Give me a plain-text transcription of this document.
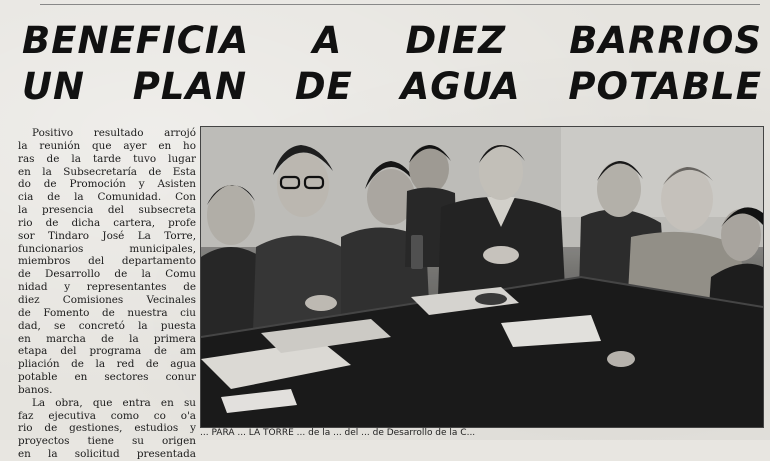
BENEFICIA A DIEZ BARRIOS
UN PLAN DE AGUA POTABLE
Positivo resultado arrojó
la reunión que ayer en ho
ras de la tarde tuvo lugar
en la Subsecretaría de Esta
do de Promoción y Asisten
cia de la Comunidad. Con
la presencia del subsecreta
rio de dicha cartera, profe
sor Tindaro José La Torre,
funcionarios municipales,
miembros del departamento
de Desarrollo de la Comu
nidad y representantes de
diez Comisiones Vecinales
de Fomento de nuestra ciu
dad, se concretó la puesta
en marcha de la primera
etapa del programa de am
pliación de la red de agua
potable en sectores conur
banos.
La obra, que entra en su
faz ejecutiva como co o'a
rio de gestiones, estudios y
proyectos tiene su origen
en la solicitud presentada
... PARA ... LA TORRE ... de la ... del ... de Desarrollo de la C...
